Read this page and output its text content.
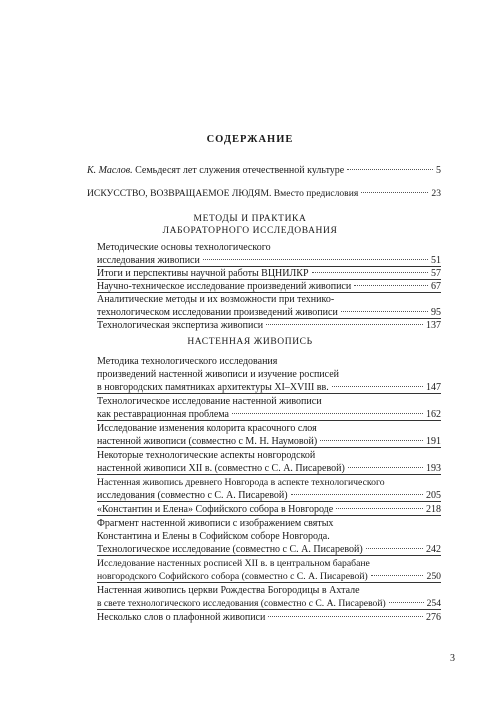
СОДЕРЖАНИЕ
К. Маслов. Семьдесят лет служения отечественной культуре	5
ИСКУССТВО, ВОЗВРАЩАЕМОЕ ЛЮДЯМ. Вместо предисловия	23
МЕТОДЫ И ПРАКТИКА
ЛАБОРАТОРНОГО ИССЛЕДОВАНИЯ
Методические основы технологического
исследования живописи	51
Итоги и перспективы научной работы ВЦНИЛКР	57
Научно-техническое исследование произведений живописи	67
Аналитические методы и их возможности при технико-
технологическом исследовании произведений живописи	95
Технологическая экспертиза живописи	137
НАСТЕННАЯ ЖИВОПИСЬ
Методика технологического исследования
произведений настенной живописи и изучение росписей
в новгородских памятниках архитектуры XI–XVIII вв.	147
Технологическое исследование настенной живописи
как реставрационная проблема	162
Исследование изменения колорита красочного слоя
настенной живописи (совместно с М. Н. Наумовой)	191
Некоторые технологические аспекты новгородской
настенной живописи XII в. (совместно с С. А. Писаревой)	193
Настенная живопись древнего Новгорода в аспекте технологического
исследования (совместно с С. А. Писаревой)	205
«Константин и Елена» Софийского собора в Новгороде	218
Фрагмент настенной живописи с изображением святых
Константина и Елены в Софийском соборе Новгорода.
Технологическое исследование (совместно с С. А. Писаревой)	242
Исследование настенных росписей XII в. в центральном барабане
новгородского Софийского собора (совместно с С. А. Писаревой)	250
Настенная живопись церкви Рождества Богородицы в Ахтале
в свете технологического исследования (совместно с С. А. Писаревой)	254
Несколько слов о плафонной живописи	276
3
